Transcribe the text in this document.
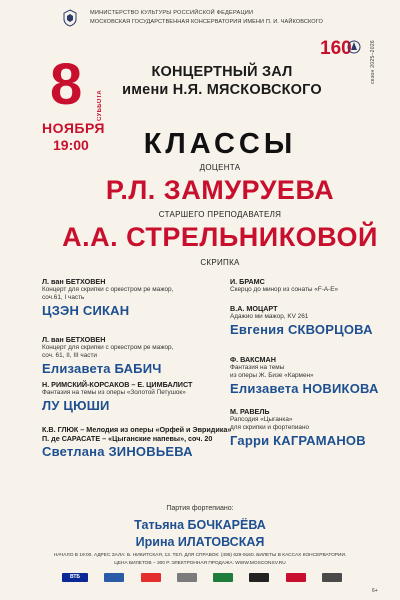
МИНИСТЕРСТВО КУЛЬТУРЫ РОССИЙСКОЙ ФЕДЕРАЦИИ
МОСКОВСКАЯ ГОСУДАРСТВЕННАЯ КОНСЕРВАТОРИЯ ИМЕНИ П. И. ЧАЙКОВСКОГО
160	сезон 2025–2026
8 СУББОТА
НОЯБРЯ
19:00
КОНЦЕРТНЫЙ ЗАЛ
имени Н.Я. МЯСКОВСКОГО
КЛАССЫ
ДОЦЕНТА
Р.Л. ЗАМУРУЕВА
СТАРШЕГО ПРЕПОДАВАТЕЛЯ
А.А. СТРЕЛЬНИКОВОЙ
СКРИПКА
Л. ван БЕТХОВЕН
Концерт для скрипки с оркестром ре мажор,
соч.61, I часть
ЦЗЭН СИКАН
Л. ван БЕТХОВЕН
Концерт для скрипки с оркестром ре мажор,
соч. 61, II, III части
Елизавета БАБИЧ
Н. РИМСКИЙ-КОРСАКОВ – Е. ЦИМБАЛИСТ
Фантазия на темы из оперы «Золотой Петушок»
ЛУ ЦЮШИ
К.В. ГЛЮК – Мелодия из оперы «Орфей и Эвридика»
П. де САРАСАТЕ – «Цыганские напевы», соч. 20
Светлана ЗИНОВЬЕВА
И. БРАМС
Скерцо до минор из сонаты «F-A-E»
В.А. МОЦАРТ
Адажио ми мажор, KV 261
Евгения СКВОРЦОВА
Ф. ВАКСМАН
Фантазия на темы
из оперы Ж. Бизе «Кармен»
Елизавета НОВИКОВА
М. РАВЕЛЬ
Рапсодия «Цыганка»
для скрипки и фортепиано
Гарри КАГРАМАНОВ
Партия фортепиано:
Татьяна БОЧКАРЁВА
Ирина ИЛАТОВСКАЯ
НАЧАЛО В 19:00. АДРЕС ЗАЛА: Б. НИКИТСКАЯ, 13. ТЕЛ. ДЛЯ СПРАВОК: (495) 629-9160. БИЛЕТЫ В КАССАХ КОНСЕРВАТОРИИ.
ЦЕНА БИЛЕТОВ – 300 Р. ЭЛЕКТРОННАЯ ПРОДАЖА: WWW.MOSCONSV.RU
ВТБ
6+
